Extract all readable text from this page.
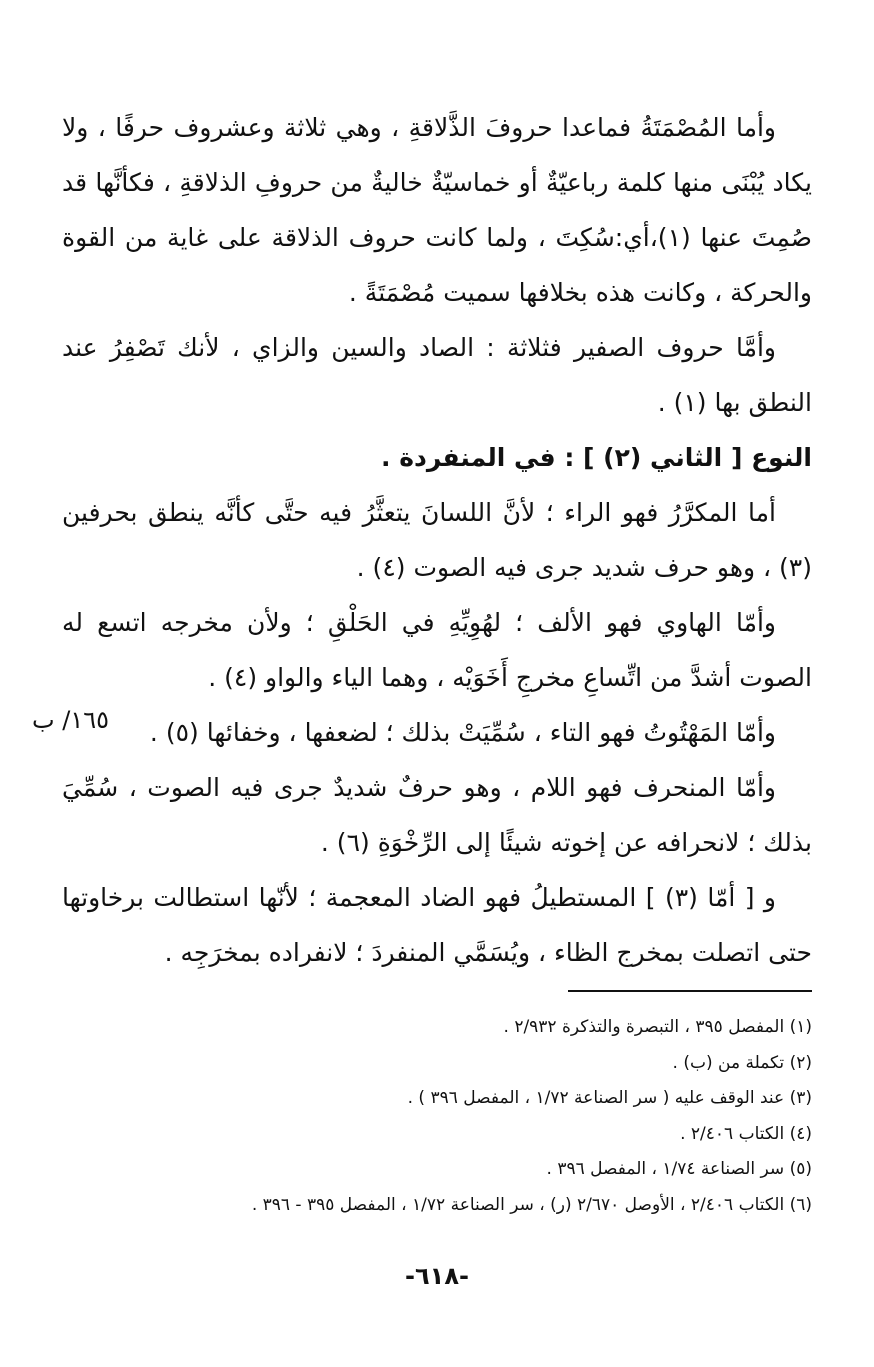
وأما المُصْمَتَةُ فماعدا حروفَ الذَّلاقةِ ، وهي ثلاثة وعشروف حرفًا ، ولا يكاد يُبْنَى منها كلمة رباعيّةٌ أو خماسيّةٌ خاليةٌ من حروفِ الذلاقةِ ، فكأنَّها قد صُمِتَ عنها (١)،أي:سُكِتَ ، ولما كانت حروف الذلاقة على غاية من القوة والحركة ، وكانت هذه بخلافها سميت مُصْمَتَةً .

وأمَّا حروف الصفير فثلاثة : الصاد والسين والزاي ، لأنك تَصْفِرُ عند النطق بها (١) .

النوع [ الثاني (٢) ] : في المنفردة .

أما المكرَّرُ فهو الراء ؛ لأنَّ اللسانَ يتعثَّرُ فيه حتَّى كأنَّه ينطق بحرفين (٣) ، وهو حرف شديد جرى فيه الصوت (٤) .

وأمّا الهاوي فهو الألف ؛ لهُوِيِّهِ في الحَلْقِ ؛ ولأن مخرجه اتسع له الصوت أشدَّ من اتِّساعِ مخرجِ أَخَوَيْه ، وهما الياء والواو (٤) .

وأمّا المَهْتُوتُ فهو التاء ، سُمِّيَتْ بذلك ؛ لضعفها ، وخفائها (٥) .

وأمّا المنحرف فهو اللام ، وهو حرفٌ شديدٌ جرى فيه الصوت ، سُمِّيَ بذلك ؛ لانحرافه عن إخوته شيئًا إلى الرِّخْوَةِ (٦) .

و [ أمّا (٣) ] المستطيلُ فهو الضاد المعجمة ؛ لأنّها استطالت برخاوتها حتى اتصلت بمخرج الظاء ، ويُسَمَّي المنفردَ ؛ لانفراده بمخرَجِه .

١٦٥/ ب
(١) المفصل ٣٩٥ ، التبصرة والتذكرة ٢/٩٣٢ .
(٢) تكملة من (ب) .
(٣) عند الوقف عليه ( سر الصناعة ١/٧٢ ، المفصل ٣٩٦ ) .
(٤) الكتاب ٢/٤٠٦ .
(٥) سر الصناعة ١/٧٤ ، المفصل ٣٩٦ .
(٦) الكتاب ٢/٤٠٦ ، الأوصل ٢/٦٧٠ (ر) ، سر الصناعة ١/٧٢ ، المفصل ٣٩٥ - ٣٩٦ .
-٦١٨-
